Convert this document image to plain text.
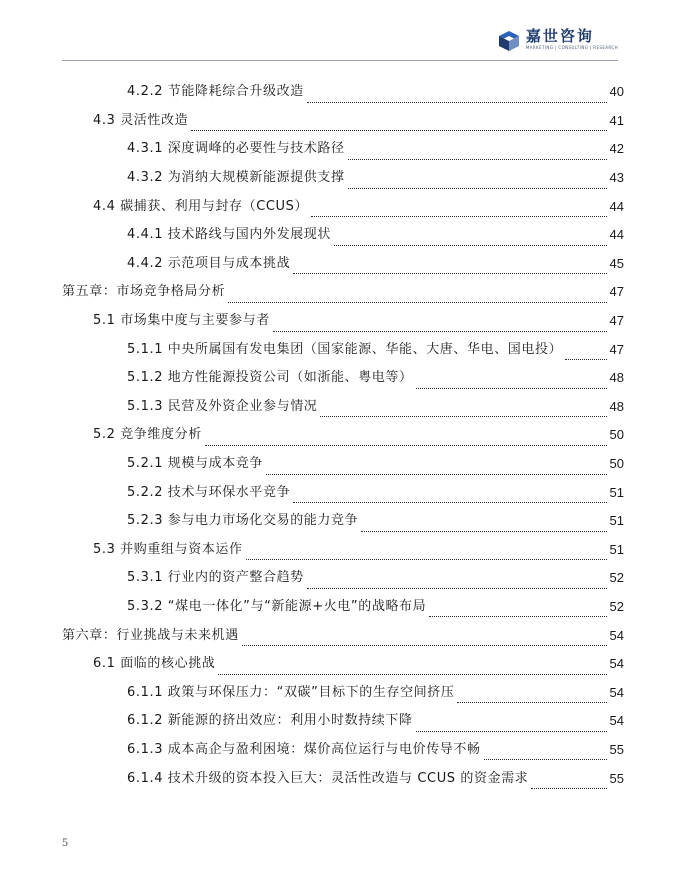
嘉世咨询
MARKETING | CONSULTING | RESEARCH
4.2.2 节能降耗综合升级改造	40
4.3 灵活性改造	41
4.3.1 深度调峰的必要性与技术路径	42
4.3.2 为消纳大规模新能源提供支撑	43
4.4 碳捕获、利用与封存（CCUS）	44
4.4.1 技术路线与国内外发展现状	44
4.4.2 示范项目与成本挑战	45
第五章：市场竞争格局分析	47
5.1 市场集中度与主要参与者	47
5.1.1 中央所属国有发电集团（国家能源、华能、大唐、华电、国电投）	47
5.1.2 地方性能源投资公司（如浙能、粤电等）	48
5.1.3 民营及外资企业参与情况	48
5.2 竞争维度分析	50
5.2.1 规模与成本竞争	50
5.2.2 技术与环保水平竞争	51
5.2.3 参与电力市场化交易的能力竞争	51
5.3 并购重组与资本运作	51
5.3.1 行业内的资产整合趋势	52
5.3.2 “煤电一体化”与“新能源+火电”的战略布局	52
第六章：行业挑战与未来机遇	54
6.1 面临的核心挑战	54
6.1.1 政策与环保压力：“双碳”目标下的生存空间挤压	54
6.1.2 新能源的挤出效应：利用小时数持续下降	54
6.1.3 成本高企与盈利困境：煤价高位运行与电价传导不畅	55
6.1.4 技术升级的资本投入巨大：灵活性改造与 CCUS 的资金需求	55
5
